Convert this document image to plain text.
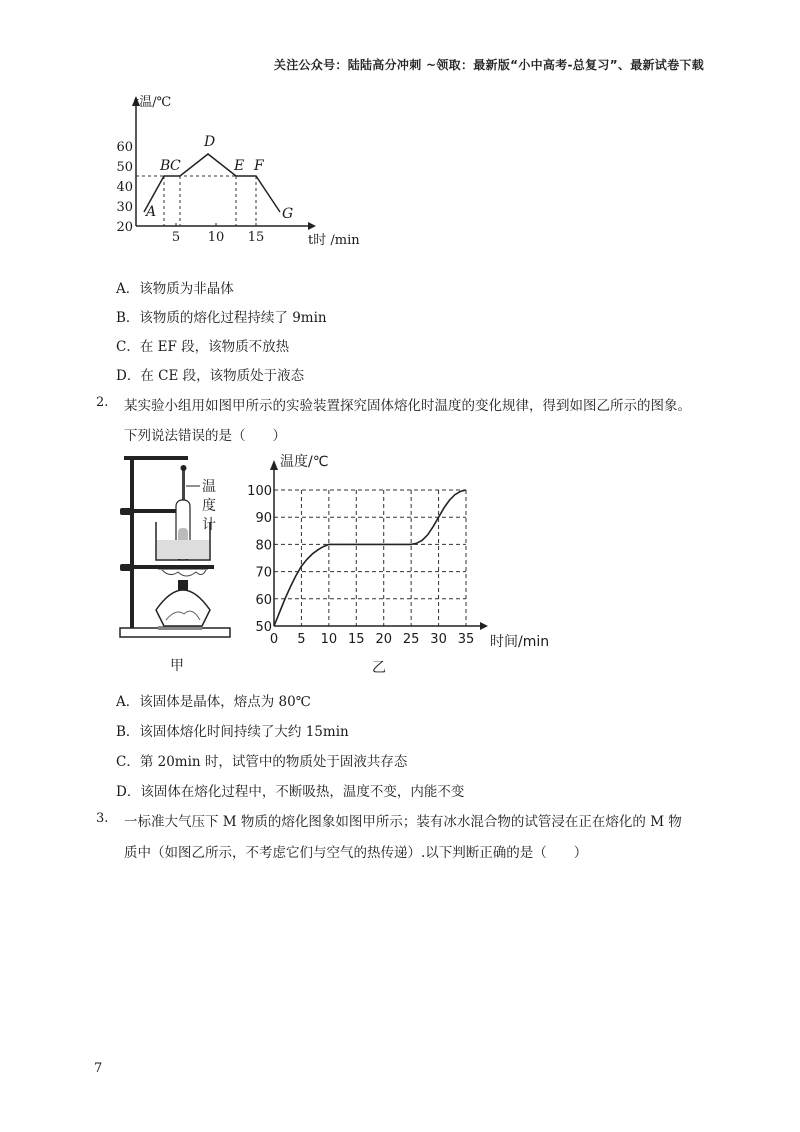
关注公众号：陆陆高分冲刺 ~领取：最新版“小中高考-总复习”、最新试卷下载
t温/℃
t时 /min
20
30
40
50
60
5 10 15
A
B C
D
E F
G
A．该物质为非晶体
B．该物质的熔化过程持续了 9min
C．在 EF 段，该物质不放热
D．在 CE 段，该物质处于液态
2. 某实验小组用如图甲所示的实验装置探究固体熔化时温度的变化规律，得到如图乙所示的图象。
下列说法错误的是（　　）
温
度
计
甲
温度/℃
时间/min
50
60
70
80
90
100
0 5 10 15 20 25 30 35
乙
A．该固体是晶体，熔点为 80℃
B．该固体熔化时间持续了大约 15min
C．第 20min 时，试管中的物质处于固液共存态
D．该固体在熔化过程中，不断吸热，温度不变，内能不变
3. 一标准大气压下 M 物质的熔化图象如图甲所示；装有冰水混合物的试管浸在正在熔化的 M 物
质中（如图乙所示，不考虑它们与空气的热传递）.以下判断正确的是（　　）
7
